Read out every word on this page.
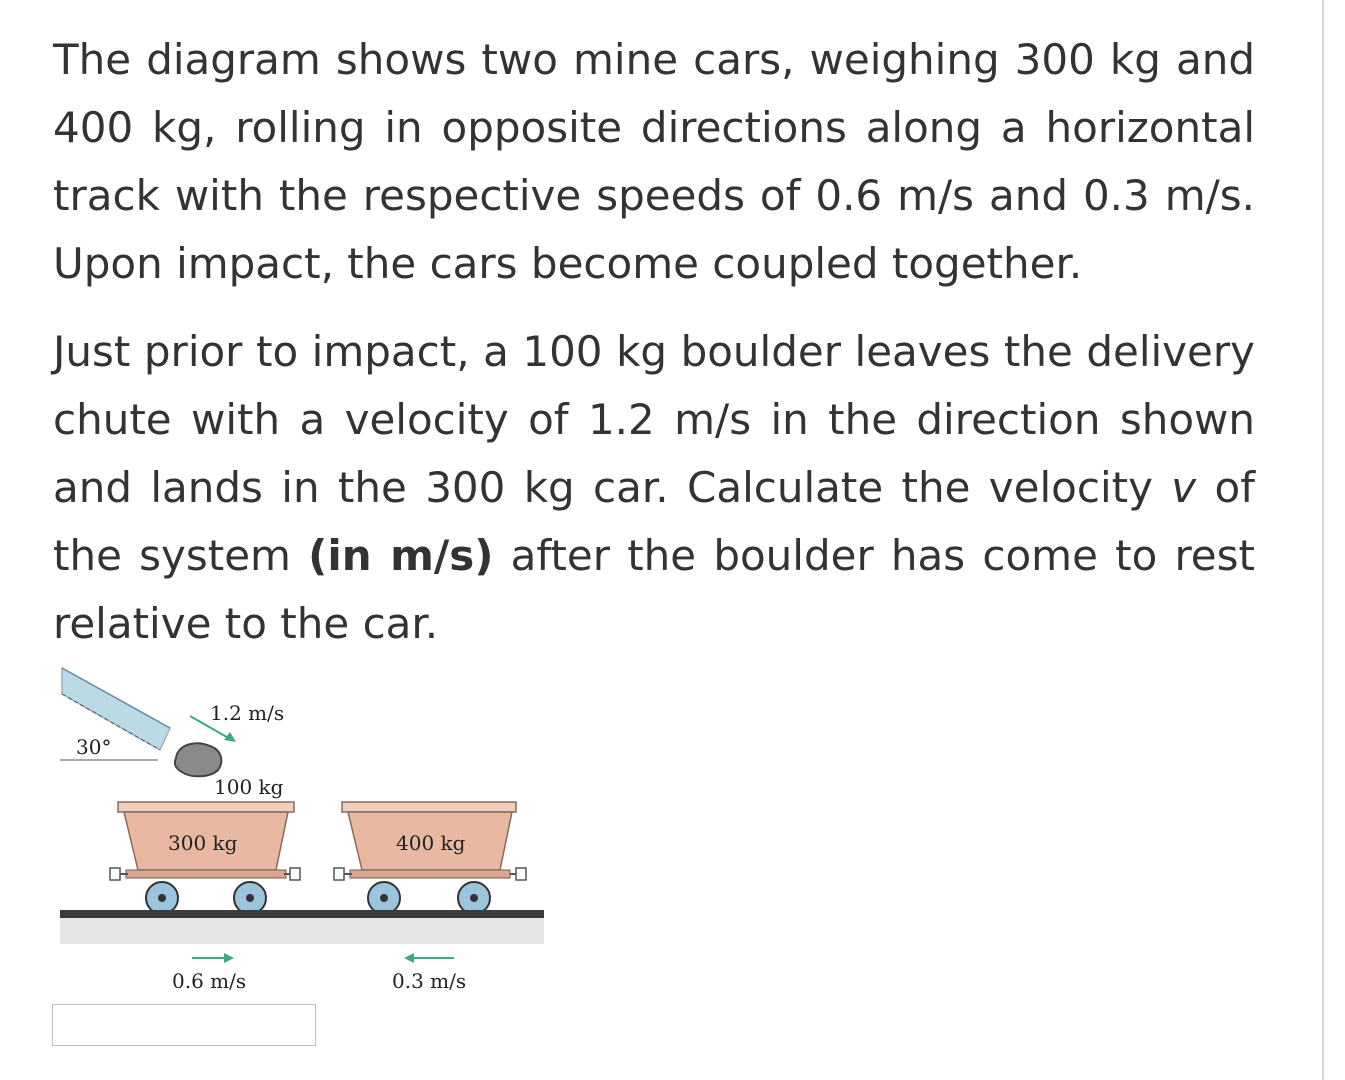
The diagram shows two mine cars, weighing 300 kg and 400 kg, rolling in opposite directions along a horizontal track with the respective speeds of 0.6 m/s and 0.3 m/s. Upon impact, the cars become coupled together.

Just prior to impact, a 100 kg boulder leaves the delivery chute with a velocity of 1.2 m/s in the direction shown and lands in the 300 kg car. Calculate the velocity v of the system (in m/s) after the boulder has come to rest relative to the car.

30°
1.2 m/s
100 kg
300 kg	400 kg
0.6 m/s	0.3 m/s
